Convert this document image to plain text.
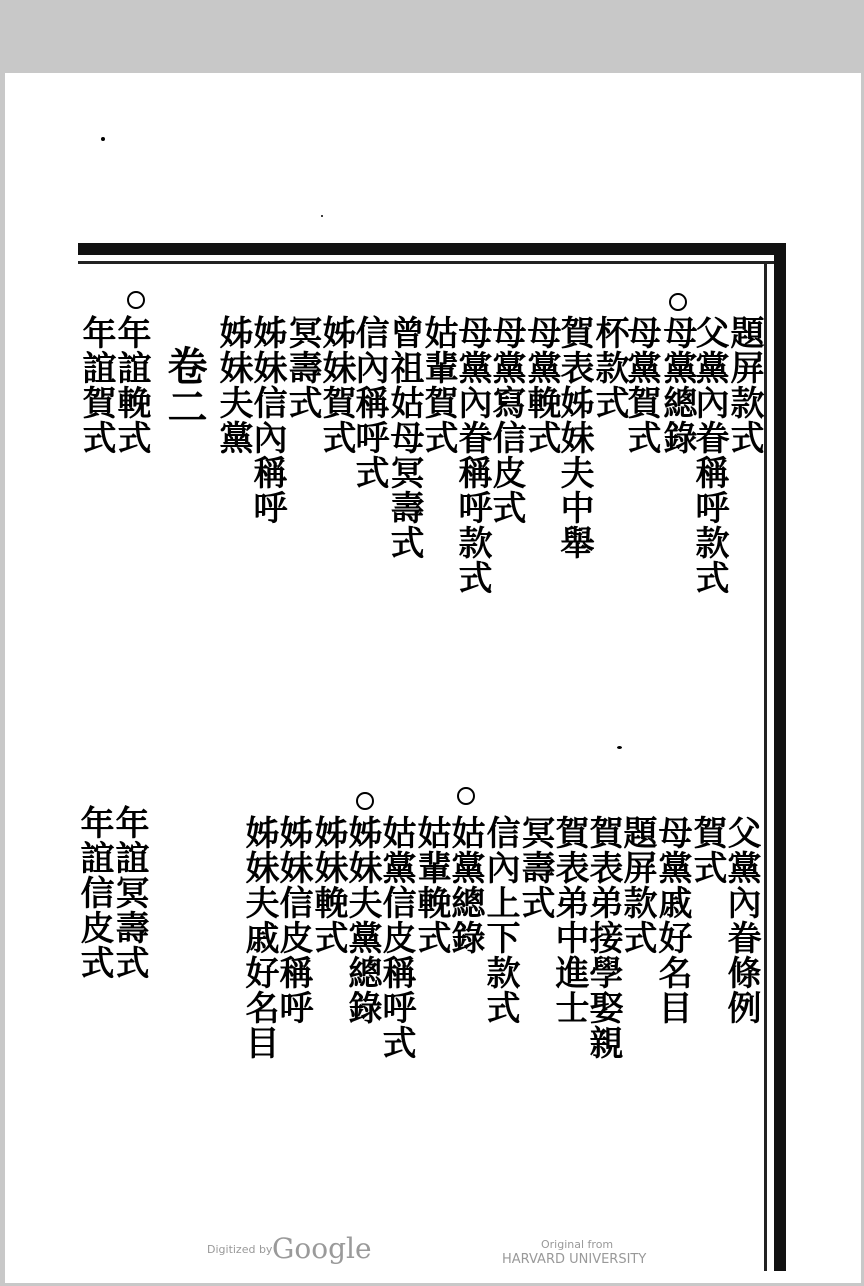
題屏款式
父黨內眷稱呼款式
母黨總錄
母黨賀式
杯款式
賀表姊妹夫中舉
母黨輓式
母黨寫信皮式
母黨內眷稱呼款式
姑輩賀式
曾祖姑母冥壽式
信內稱呼式
姊妹賀式
冥壽式
姊妹信內稱呼
姊妹夫黨
卷二
年誼輓式
年誼賀式
父黨內眷條例
賀式
母黨戚好名目
題屏款式
賀表弟接學娶親
賀表弟中進士
冥壽式
信內上下款式
姑黨總錄
姑輩輓式
姑黨信皮稱呼式
姊妹夫黨總錄
姊妹輓式
姊妹信皮稱呼
姊妹夫戚好名目
年誼冥壽式
年誼信皮式
Digitized by Google	Original from
HARVARD UNIVERSITY
